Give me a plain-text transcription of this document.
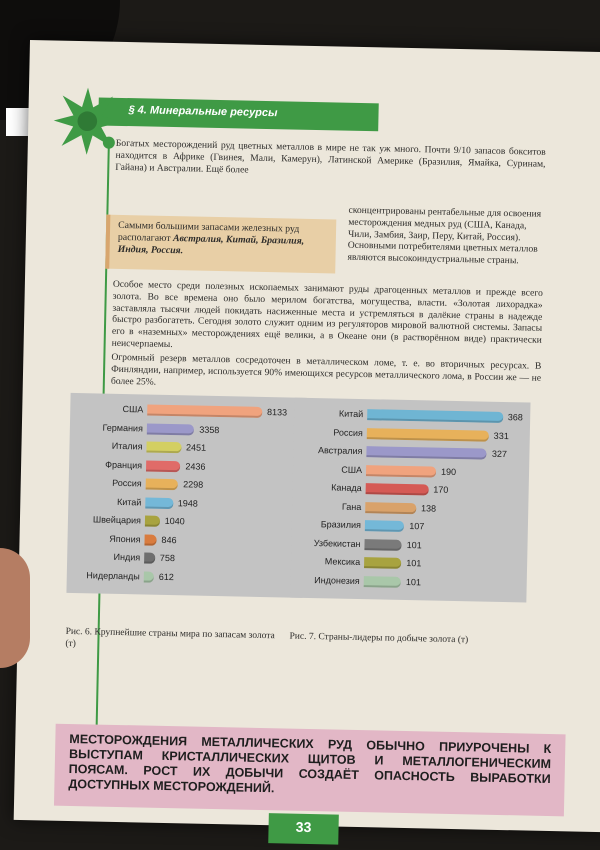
§ 4. Минеральные ресурсы
Богатых месторождений руд цветных металлов в мире не так уж много. Почти 9/10 запасов бокситов находится в Африке (Гвинея, Мали, Камерун), Латинской Америке (Бразилия, Ямайка, Суринам, Гайана) и Австралии. Ещё более
Самыми большими запасами железных руд располагают Австралия, Китай, Бразилия, Индия, Россия.
сконцентрированы рентабельные для освоения месторождения медных руд (США, Канада, Чили, Замбия, Заир, Перу, Китай, Россия). Основными потребителями цветных металлов являются высокоиндустриальные страны.
Особое место среди полезных ископаемых занимают руды драгоценных металлов и прежде всего золота. Во все времена оно было мерилом богатства, могущества, власти. «Золотая лихорадка» заставляла тысячи людей покидать насиженные места и устремляться в далёкие страны в надежде быстро разбогатеть. Сегодня золото служит одним из регуляторов мировой валютной системы. Запасы его в «наземных» месторождениях ещё велики, а в Океане они (в растворённом виде) практически неисчерпаемы.
Огромный резерв металлов сосредоточен в металлическом ломе, т. е. во вторичных ресурсах. В Финляндии, например, используется 90% имеющихся ресурсов металлического лома, в России же — не более 25%.
Рис. 6. Крупнейшие страны мира по запасам золота (т)	Рис. 7. Страны-лидеры по добыче золота (т)
МЕСТОРОЖДЕНИЯ МЕТАЛЛИЧЕСКИХ РУД ОБЫЧНО ПРИУРОЧЕНЫ К ВЫСТУПАМ КРИСТАЛЛИЧЕСКИХ ЩИТОВ И МЕТАЛЛОГЕНИЧЕСКИМ ПОЯСАМ. РОСТ ИХ ДОБЫЧИ СОЗДАЁТ ОПАСНОСТЬ ВЫРАБОТКИ ДОСТУПНЫХ МЕСТОРОЖДЕНИЙ.
33
США	8133
Германия	3358
Италия	2451
Франция	2436
Россия	2298
Китай	1948
Швейцария	1040
Япония 846
Индия 758
Нидерланды 612
Китай	368
Россия	331
Австралия	327
США	190
Канада	170
Гана	138
Бразилия	107
Узбекистан	101
Мексика	101
Индонезия	101
